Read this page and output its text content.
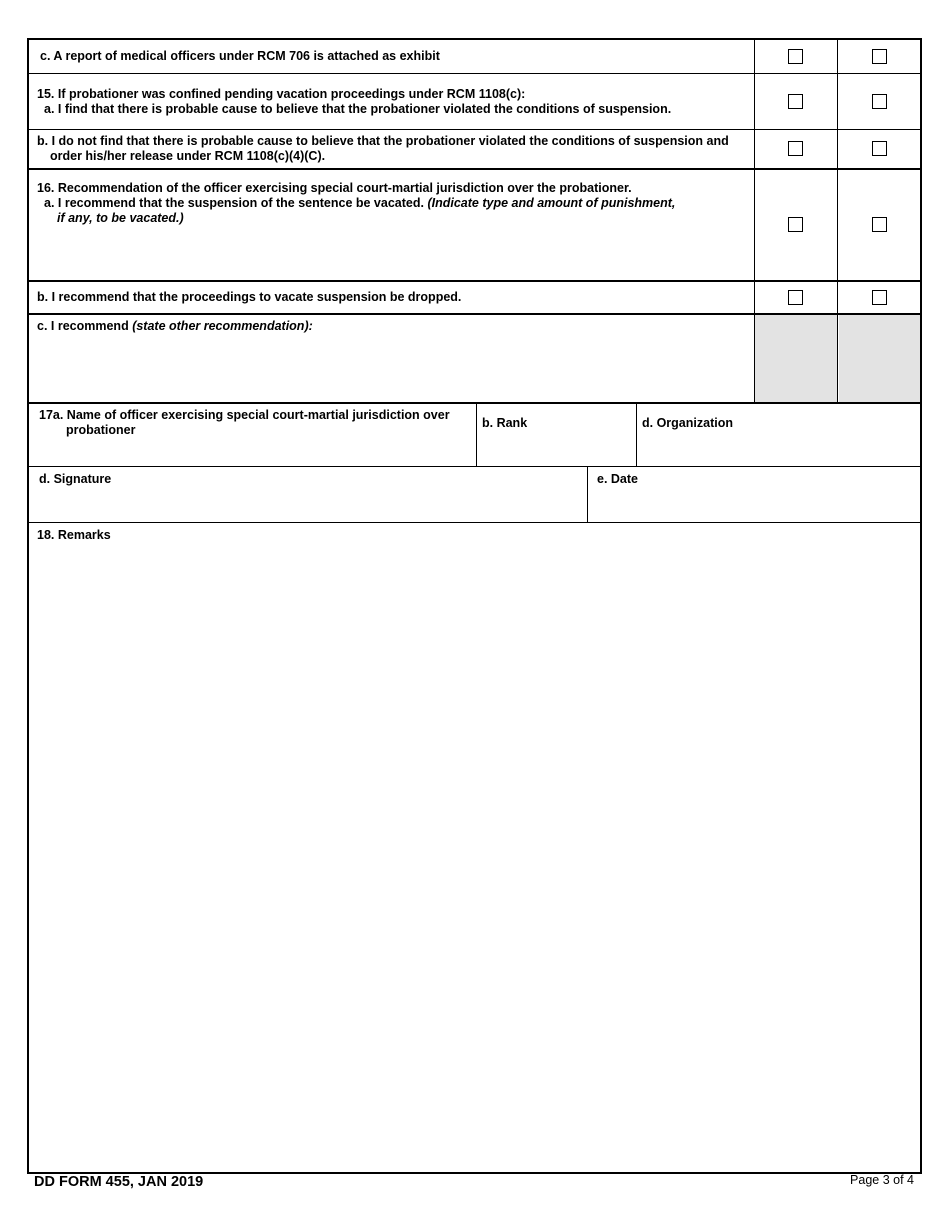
c. A report of medical officers under RCM 706 is attached as exhibit
15. If probationer was confined pending vacation proceedings under RCM 1108(c):
a. I find that there is probable cause to believe that the probationer violated the conditions of suspension.
b. I do not find that there is probable cause to believe that the probationer violated the conditions of suspension and
order his/her release under RCM 1108(c)(4)(C).
16. Recommendation of the officer exercising special court-martial jurisdiction over the probationer.
a. I recommend that the suspension of the sentence be vacated. (Indicate type and amount of punishment,
if any, to be vacated.)
b. I recommend that the proceedings to vacate suspension be dropped.
c. I recommend (state other recommendation):
17a. Name of officer exercising special court-martial jurisdiction over
probationer	b. Rank	d. Organization
d. Signature	e. Date
18. Remarks
DD FORM 455, JAN 2019	Page 3 of 4
